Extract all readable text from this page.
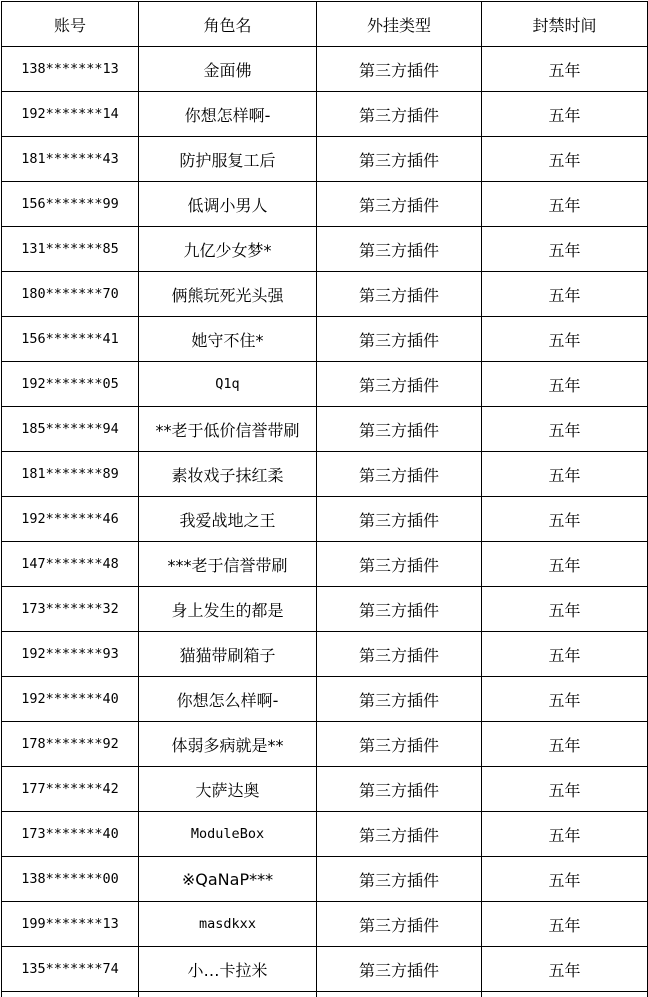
账号	角色名	外挂类型	封禁时间
138*******13	金面佛	第三方插件	五年
192*******14	你想怎样啊-	第三方插件	五年
181*******43	防护服复工后	第三方插件	五年
156*******99	低调小男人	第三方插件	五年
131*******85	九亿少女梦*	第三方插件	五年
180*******70	俩熊玩死光头强	第三方插件	五年
156*******41	她守不住*	第三方插件	五年
192*******05	Q1q	第三方插件	五年
185*******94	**老于低价信誉带刷	第三方插件	五年
181*******89	素妆戏子抹红柔	第三方插件	五年
192*******46	我爱战地之王	第三方插件	五年
147*******48	***老于信誉带刷	第三方插件	五年
173*******32	身上发生的都是	第三方插件	五年
192*******93	猫猫带刷箱子	第三方插件	五年
192*******40	你想怎么样啊-	第三方插件	五年
178*******92	体弱多病就是**	第三方插件	五年
177*******42	大萨达奥	第三方插件	五年
173*******40	ModuleBox	第三方插件	五年
138*******00	※QaNaP***	第三方插件	五年
199*******13	masdkxx	第三方插件	五年
135*******74	小…卡拉米	第三方插件	五年
